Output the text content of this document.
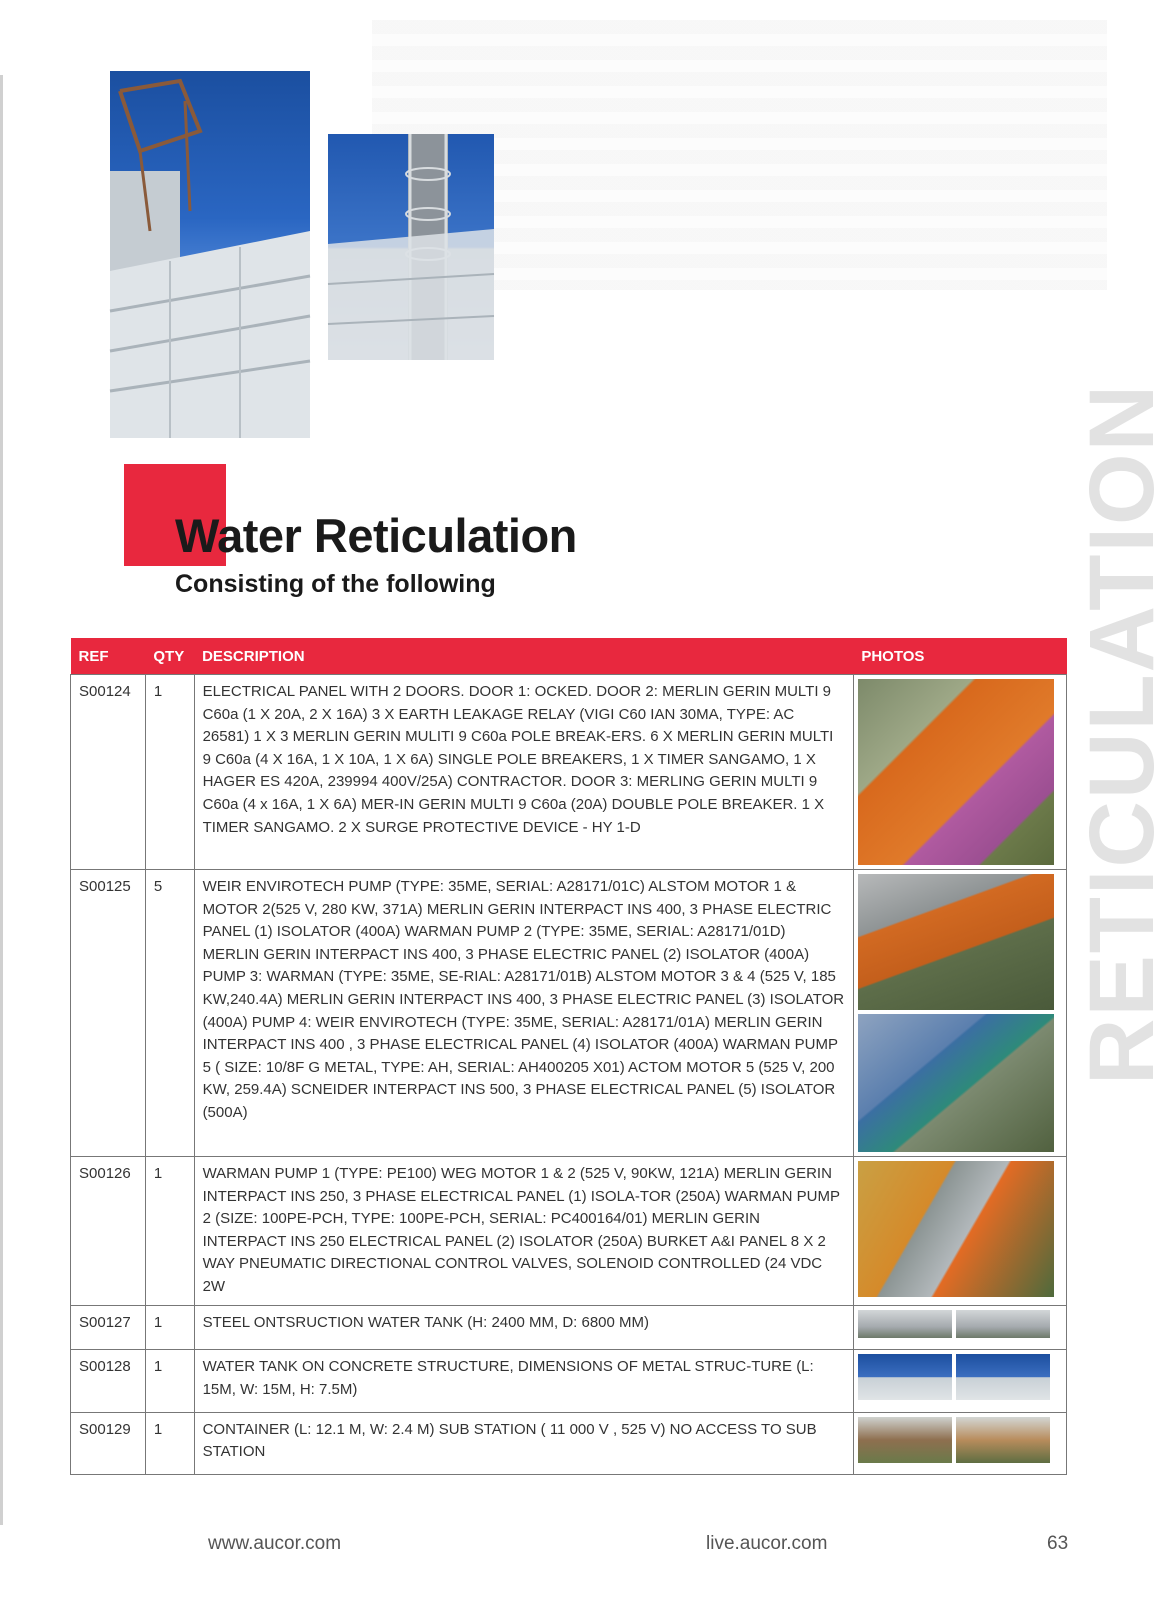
RETICULATION
Water Reticulation
Consisting of the following
REF	QTY	DESCRIPTION	PHOTOS
S00124	1	ELECTRICAL PANEL WITH 2 DOORS. DOOR 1: OCKED. DOOR 2: MERLIN GERIN MULTI 9 C60a (1 X 20A, 2 X 16A) 3 X EARTH LEAKAGE RELAY (VIGI C60 IAN 30MA, TYPE: AC 26581) 1 X 3 MERLIN GERIN MULITI 9 C60a POLE BREAK-ERS. 6 X MERLIN GERIN MULTI 9 C60a (4 X 16A, 1 X 10A, 1 X 6A) SINGLE POLE BREAKERS, 1 X TIMER SANGAMO, 1 X HAGER ES 420A, 239994 400V/25A) CONTRACTOR. DOOR 3: MERLING GERIN MULTI 9 C60a (4 x 16A, 1 X 6A) MER-IN GERIN MULTI 9 C60a (20A) DOUBLE POLE BREAKER. 1 X TIMER SANGAMO. 2 X SURGE PROTECTIVE DEVICE - HY 1-D	

S00125	5	WEIR ENVIROTECH PUMP (TYPE: 35ME, SERIAL: A28171/01C) ALSTOM MOTOR 1 & MOTOR 2(525 V, 280 KW, 371A) MERLIN GERIN INTERPACT INS 400, 3 PHASE ELECTRIC PANEL (1) ISOLATOR (400A) WARMAN PUMP 2 (TYPE: 35ME, SERIAL: A28171/01D) MERLIN GERIN INTERPACT INS 400, 3 PHASE ELECTRIC PANEL (2) ISOLATOR (400A) PUMP 3: WARMAN (TYPE: 35ME, SE-RIAL: A28171/01B) ALSTOM MOTOR 3 & 4 (525 V, 185 KW,240.4A) MERLIN GERIN INTERPACT INS 400, 3 PHASE ELECTRIC PANEL (3) ISOLATOR (400A) PUMP 4: WEIR ENVIROTECH (TYPE: 35ME, SERIAL: A28171/01A) MERLIN GERIN INTERPACT INS 400 , 3 PHASE ELECTRICAL PANEL (4) ISOLATOR (400A) WARMAN PUMP 5 ( SIZE: 10/8F G METAL, TYPE: AH, SERIAL: AH400205 X01) ACTOM MOTOR 5 (525 V, 200 KW, 259.4A) SCNEIDER INTERPACT INS 500, 3 PHASE ELECTRICAL PANEL (5) ISOLATOR (500A)	

S00126	1	WARMAN PUMP 1 (TYPE: PE100) WEG MOTOR 1 & 2 (525 V, 90KW, 121A) MERLIN GERIN INTERPACT INS 250, 3 PHASE ELECTRICAL PANEL (1) ISOLA-TOR (250A) WARMAN PUMP 2 (SIZE: 100PE-PCH, TYPE: 100PE-PCH, SERIAL: PC400164/01) MERLIN GERIN INTERPACT INS 250 ELECTRICAL PANEL (2) ISOLATOR (250A) BURKET A&I PANEL 8 X 2 WAY PNEUMATIC DIRECTIONAL CONTROL VALVES, SOLENOID CONTROLLED (24 VDC 2W	

S00127	1	STEEL ONTSRUCTION WATER TANK (H: 2400 MM, D: 6800 MM)	
S00128	1	WATER TANK ON CONCRETE STRUCTURE, DIMENSIONS OF METAL STRUC-TURE (L: 15M, W: 15M, H: 7.5M)	
S00129	1	CONTAINER (L: 12.1 M, W: 2.4 M) SUB STATION ( 11 000 V , 525 V) NO ACCESS TO SUB STATION	
www.aucor.com	live.aucor.com	63
